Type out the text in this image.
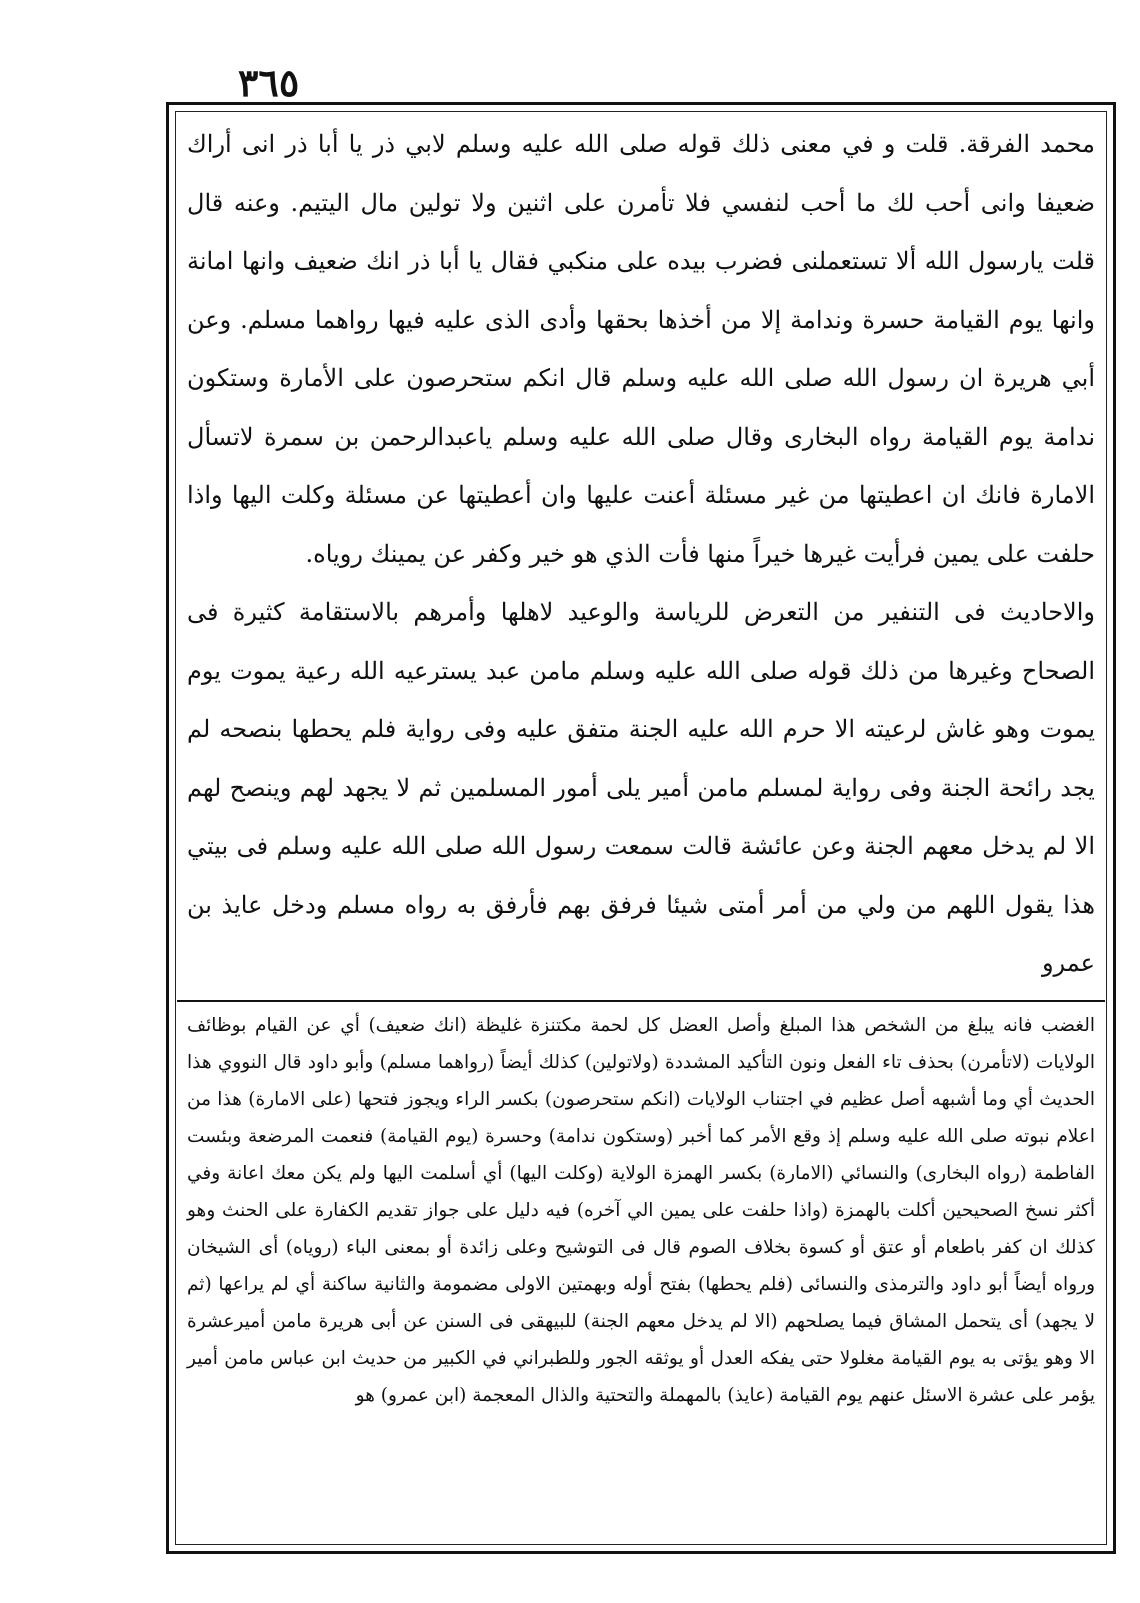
٣٦٥

محمد الفرقة. قلت و في معنى ذلك قوله صلى الله عليه وسلم لابي ذر يا أبا ذر انى أراك ضعيفا وانى أحب لك ما أحب لنفسي فلا تأمرن على اثنين ولا تولين مال اليتيم. وعنه قال قلت يارسول الله ألا تستعملنى فضرب بيده على منكبي فقال يا أبا ذر انك ضعيف وانها امانة وانها يوم القيامة حسرة وندامة إلا من أخذها بحقها وأدى الذى عليه فيها رواهما مسلم. وعن أبي هريرة ان رسول الله صلى الله عليه وسلم قال انكم ستحرصون على الأمارة وستكون ندامة يوم القيامة رواه البخارى وقال صلى الله عليه وسلم ياعبدالرحمن بن سمرة لاتسأل الامارة فانك ان اعطيتها من غير مسئلة أعنت عليها وان أعطيتها عن مسئلة وكلت اليها واذا حلفت على يمين فرأيت غيرها خيراً منها فأت الذي هو خير وكفر عن يمينك روياه.

والاحاديث فى التنفير من التعرض للرياسة والوعيد لاهلها وأمرهم بالاستقامة كثيرة فى الصحاح وغيرها من ذلك قوله صلى الله عليه وسلم مامن عبد يسترعيه الله رعية يموت يوم يموت وهو غاش لرعيته الا حرم الله عليه الجنة متفق عليه وفى رواية فلم يحطها بنصحه لم يجد رائحة الجنة وفى رواية لمسلم مامن أمير يلى أمور المسلمين ثم لا يجهد لهم وينصح لهم الا لم يدخل معهم الجنة وعن عائشة قالت سمعت رسول الله صلى الله عليه وسلم فى بيتي هذا يقول اللهم من ولي من أمر أمتى شيئا فرفق بهم فأرفق به رواه مسلم ودخل عايذ بن عمرو

الغضب فانه يبلغ من الشخص هذا المبلغ وأصل العضل كل لحمة مكتنزة غليظة (انك ضعيف) أي عن القيام بوظائف الولايات (لاتأمرن) بحذف تاء الفعل ونون التأكيد المشددة (ولاتولين) كذلك أيضاً (رواهما مسلم) وأبو داود قال النووي هذا الحديث أي وما أشبهه أصل عظيم في اجتناب الولايات (انكم ستحرصون) بكسر الراء ويجوز فتحها (على الامارة) هذا من اعلام نبوته صلى الله عليه وسلم إذ وقع الأمر كما أخبر (وستكون ندامة) وحسرة (يوم القيامة) فنعمت المرضعة وبئست الفاطمة (رواه البخارى) والنسائي (الامارة) بكسر الهمزة الولاية (وكلت اليها) أي أسلمت اليها ولم يكن معك اعانة وفي أكثر نسخ الصحيحين أكلت بالهمزة (واذا حلفت على يمين الي آخره) فيه دليل على جواز تقديم الكفارة على الحنث وهو كذلك ان كفر باطعام أو عتق أو كسوة بخلاف الصوم قال فى التوشيح وعلى زائدة أو بمعنى الباء (روياه) أى الشيخان ورواه أيضاً أبو داود والترمذى والنسائى (فلم يحطها) بفتح أوله وبهمتين الاولى مضمومة والثانية ساكنة أي لم يراعها (ثم لا يجهد) أى يتحمل المشاق فيما يصلحهم (الا لم يدخل معهم الجنة) للبيهقى فى السنن عن أبى هريرة مامن أميرعشرة الا وهو يؤتى به يوم القيامة مغلولا حتى يفكه العدل أو يوثقه الجور وللطبراني في الكبير من حديث ابن عباس مامن أمير يؤمر على عشرة الاسئل عنهم يوم القيامة (عايذ) بالمهملة والتحتية والذال المعجمة (ابن عمرو) هو
